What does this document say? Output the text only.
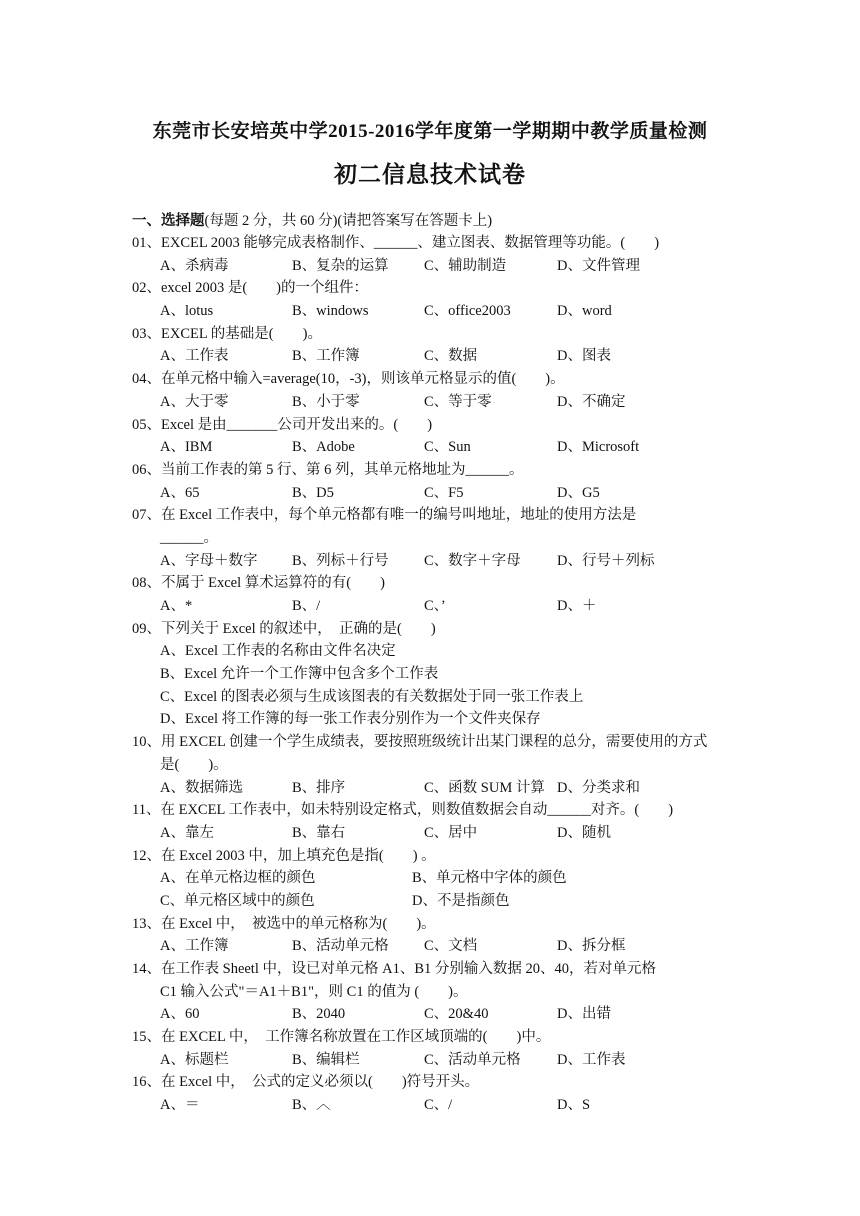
东莞市长安培英中学2015-2016学年度第一学期期中教学质量检测
初二信息技术试卷
一、选择题(每题 2 分，共 60 分)(请把答案写在答题卡上)
01、EXCEL 2003 能够完成表格制作、______、建立图表、数据管理等功能。(　　)
A、杀病毒	B、复杂的运算 C、辅助制造	D、文件管理
02、excel 2003 是(　　)的一个组件：
A、lotus	B、windows	C、office2003	D、word
03、EXCEL 的基础是(　　)。
A、工作表	B、工作簿	C、数据	D、图表
04、在单元格中输入=average(10，-3)，则该单元格显示的值(　　)。
A、大于零	B、小于零	C、等于零	D、不确定
05、Excel 是由_______公司开发出来的。(　　)
A、IBM	B、Adobe	C、Sun	D、Microsoft
06、当前工作表的第 5 行、第 6 列，其单元格地址为______。
A、65	B、D5	C、F5	D、G5
07、在 Excel 工作表中，每个单元格都有唯一的编号叫地址，地址的使用方法是
______。
A、字母＋数字 B、列标＋行号 C、数字＋字母	D、行号＋列标
08、不属于 Excel 算术运算符的有(　　)
A、*	B、/	C、’	D、＋
09、下列关于 Excel 的叙述中，　正确的是(　　)
A、Excel 工作表的名称由文件名决定
B、Excel 允许一个工作簿中包含多个工作表
C、Excel 的图表必须与生成该图表的有关数据处于同一张工作表上
D、Excel 将工作簿的每一张工作表分别作为一个文件夹保存
10、用 EXCEL 创建一个学生成绩表，要按照班级统计出某门课程的总分，需要使用的方式
是(　　)。
A、数据筛选	B、排序	C、函数 SUM 计算 D、分类求和
11、在 EXCEL 工作表中，如未特别设定格式，则数值数据会自动______对齐。(　　)
A、靠左	B、靠右	C、居中	D、随机
12、在 Excel 2003 中，加上填充色是指(　　) 。
A、在单元格边框的颜色	B、单元格中字体的颜色
C、单元格区域中的颜色	D、不是指颜色
13、在 Excel 中，　被选中的单元格称为(　　)。
A、工作簿	B、活动单元格 C、文档	D、拆分框
14、在工作表 Sheetl 中，设已对单元格 A1、B1 分别输入数据 20、40，若对单元格
C1 输入公式"＝A1＋B1"，则 C1 的值为 (　　)。
A、60	B、2040	C、20&40	D、出错
15、在 EXCEL 中，　工作簿名称放置在工作区域顶端的(　　)中。
A、标题栏	B、编辑栏	C、活动单元格	D、工作表
16、在 Excel 中，　公式的定义必须以(　　)符号开头。
A、＝	B、︿	C、/	D、S
